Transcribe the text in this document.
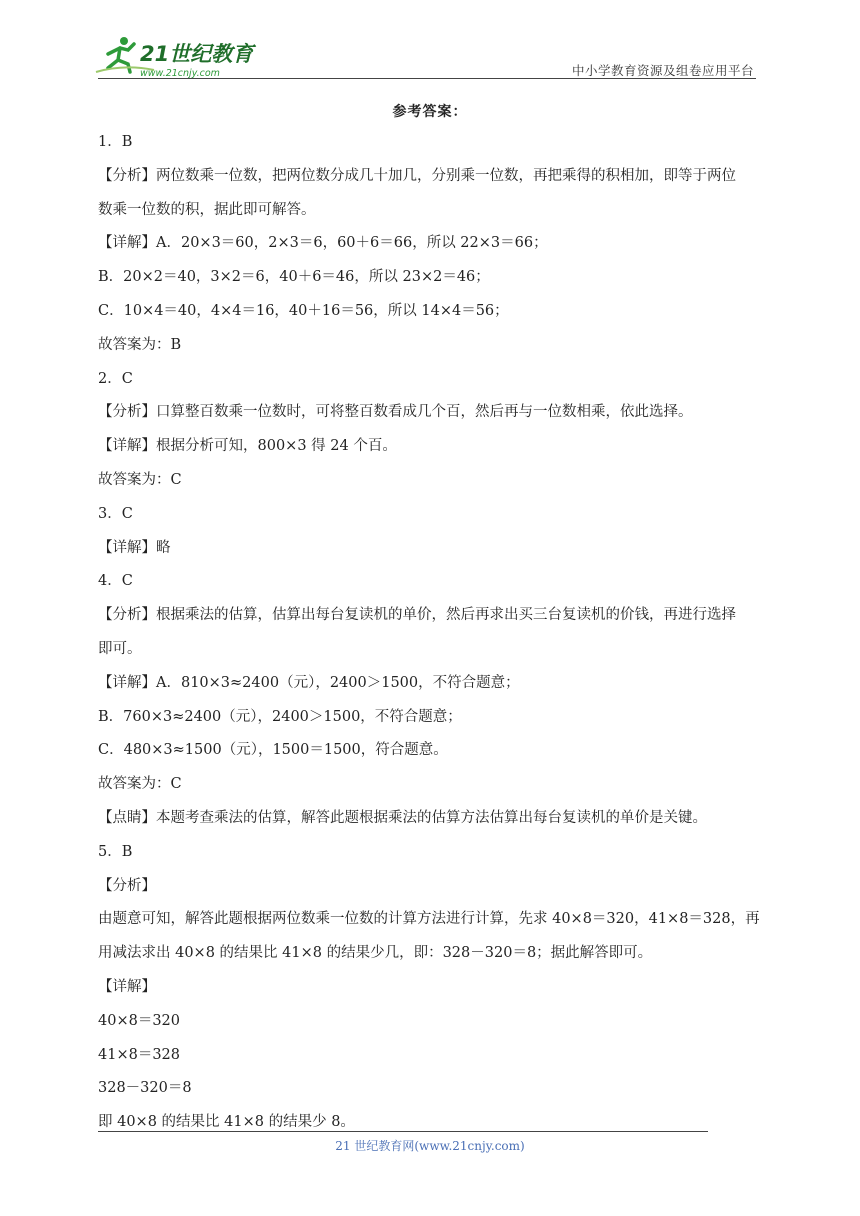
21世纪教育
www.21cnjy.com	中小学教育资源及组卷应用平台
参考答案：
1．B
【分析】两位数乘一位数，把两位数分成几十加几，分别乘一位数，再把乘得的积相加，即等于两位
数乘一位数的积，据此即可解答。
【详解】A．20×3＝60，2×3＝6，60＋6＝66，所以 22×3＝66；
B．20×2＝40，3×2＝6，40＋6＝46，所以 23×2＝46；
C．10×4＝40，4×4＝16，40＋16＝56，所以 14×4＝56；
故答案为：B
2．C
【分析】口算整百数乘一位数时，可将整百数看成几个百，然后再与一位数相乘，依此选择。
【详解】根据分析可知，800×3 得 24 个百。
故答案为：C
3．C
【详解】略
4．C
【分析】根据乘法的估算，估算出每台复读机的单价，然后再求出买三台复读机的价钱，再进行选择
即可。
【详解】A．810×3≈2400（元），2400＞1500，不符合题意；
B．760×3≈2400（元），2400＞1500，不符合题意；
C．480×3≈1500（元），1500＝1500，符合题意。
故答案为：C
【点睛】本题考查乘法的估算，解答此题根据乘法的估算方法估算出每台复读机的单价是关键。
5．B
【分析】
由题意可知，解答此题根据两位数乘一位数的计算方法进行计算，先求 40×8＝320，41×8＝328，再
用减法求出 40×8 的结果比 41×8 的结果少几，即：328－320＝8；据此解答即可。
【详解】
40×8＝320
41×8＝328
328－320＝8
即 40×8 的结果比 41×8 的结果少 8。
21 世纪教育网(www.21cnjy.com)
